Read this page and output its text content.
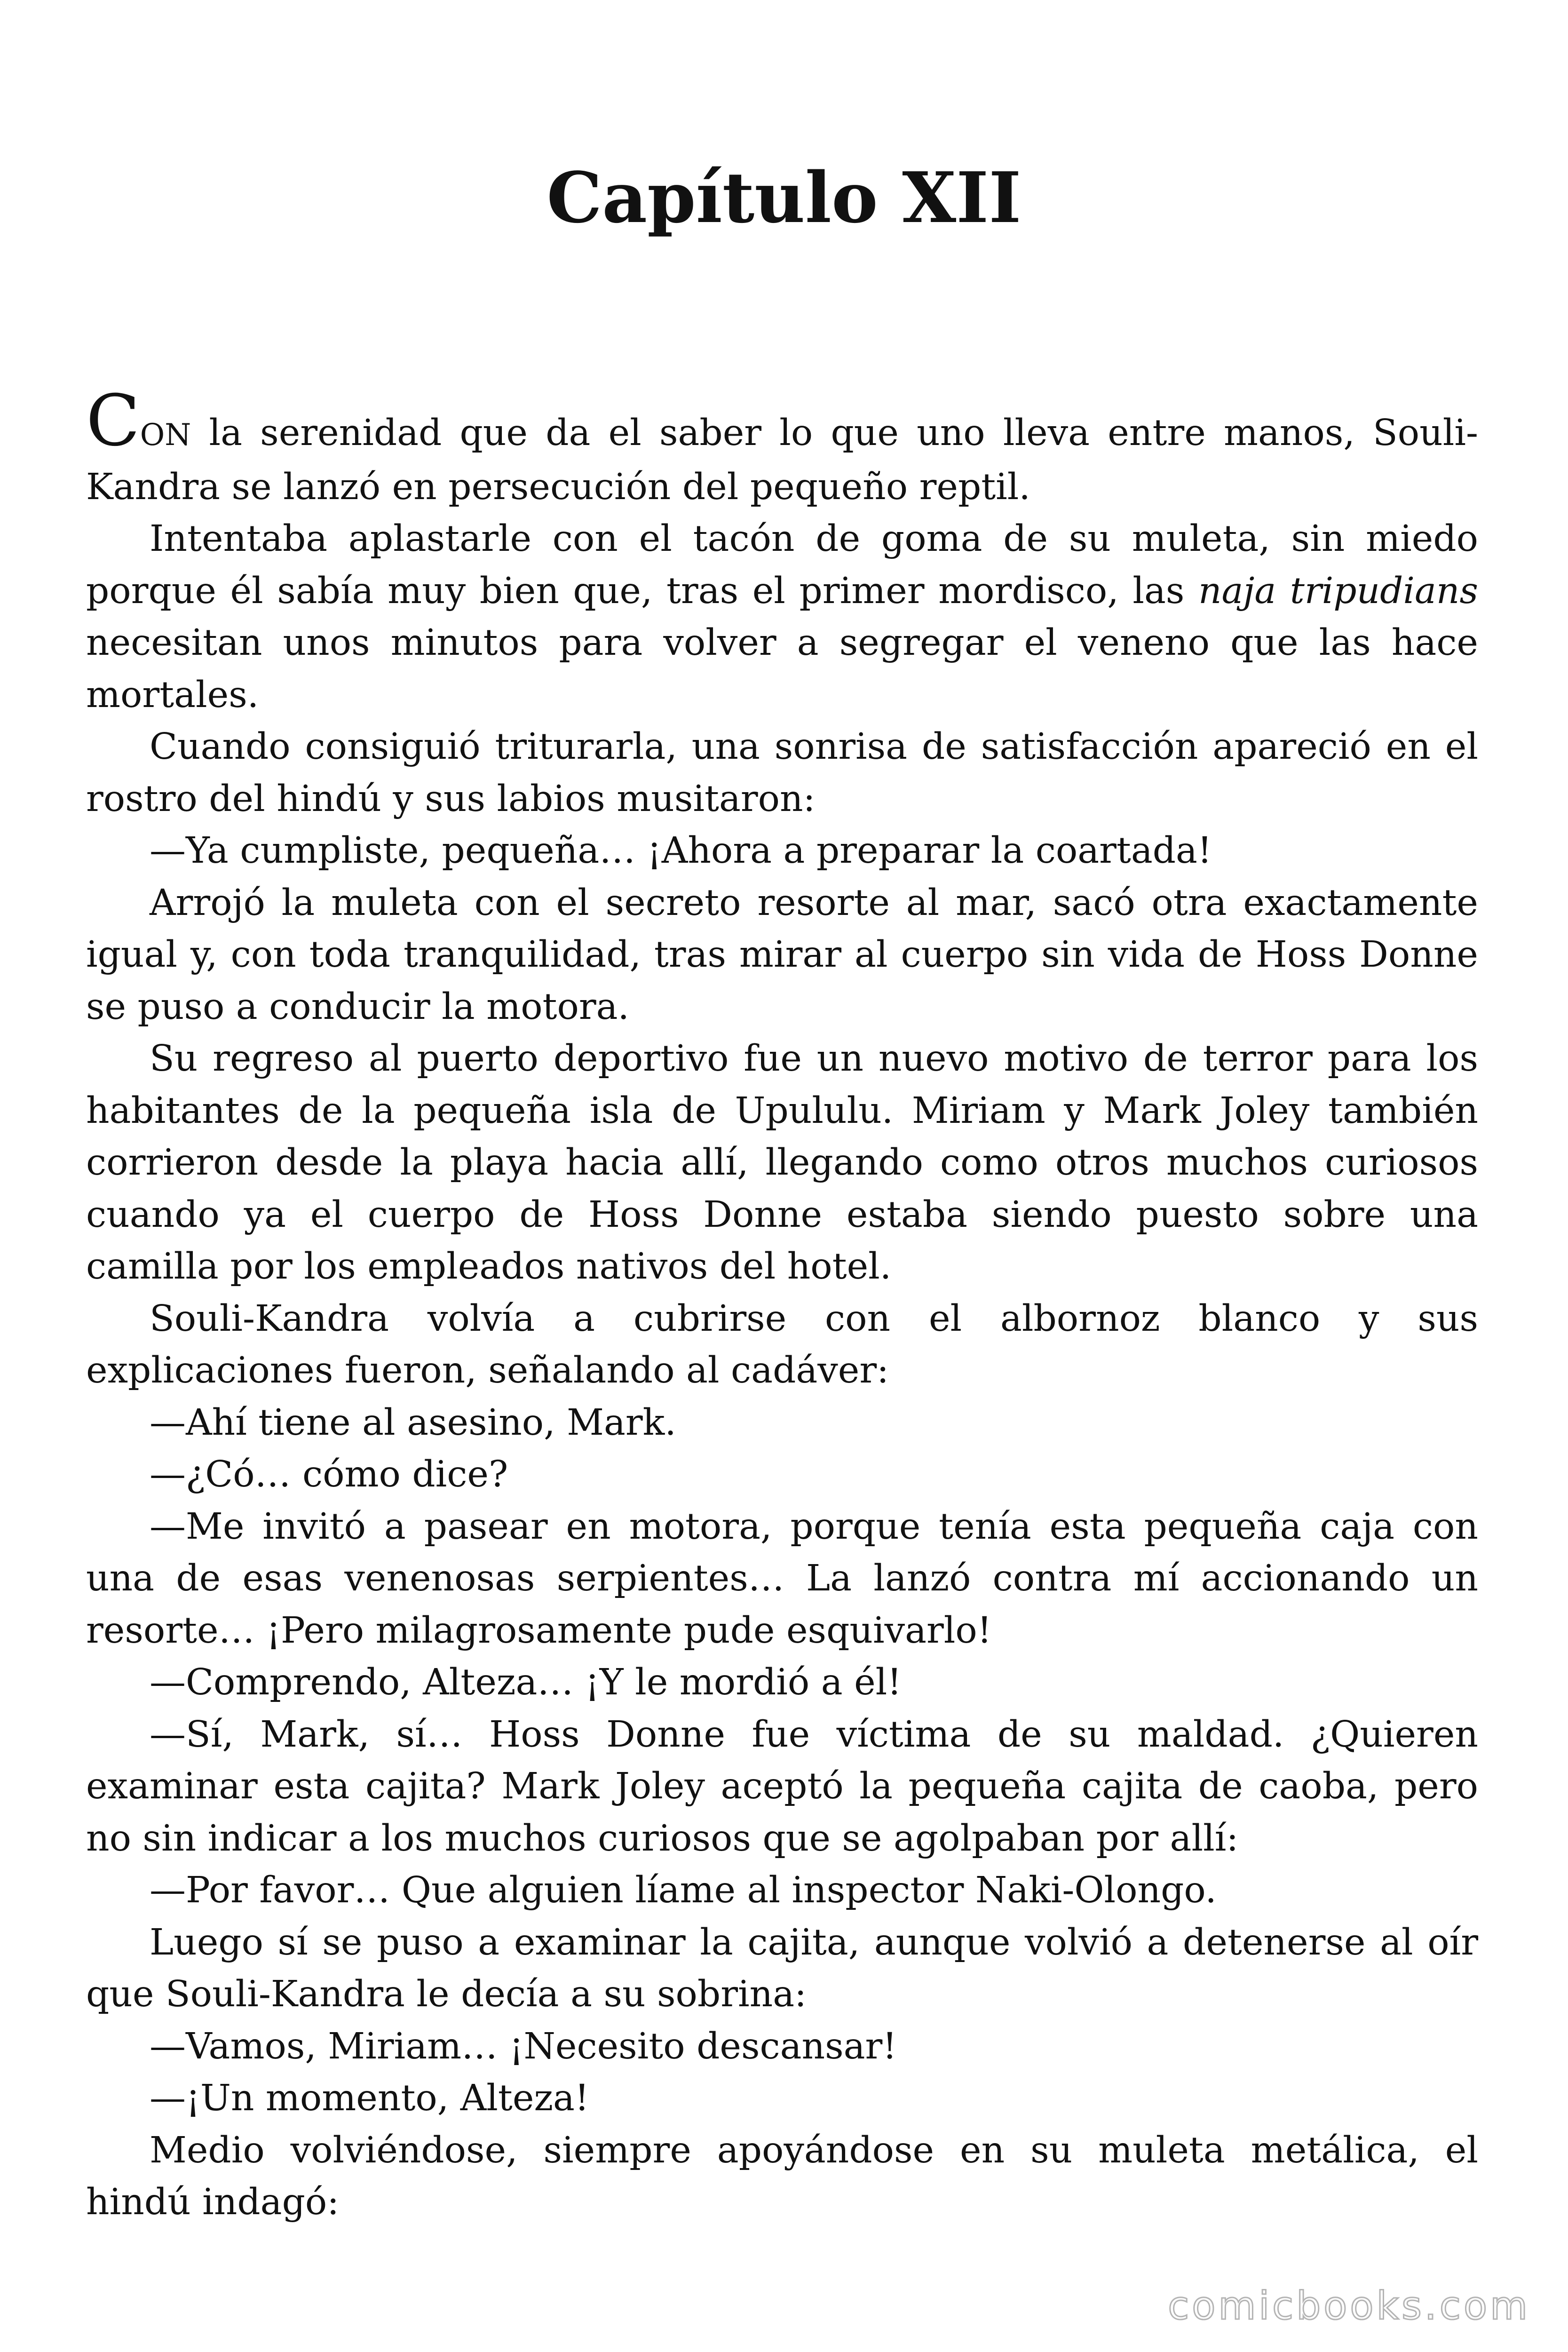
Capítulo XII

CON la serenidad que da el saber lo que uno lleva entre manos, Souli-Kandra se lanzó en persecución del pequeño reptil.

Intentaba aplastarle con el tacón de goma de su muleta, sin miedo porque él sabía muy bien que, tras el primer mordisco, las naja tripudians necesitan unos minutos para volver a segregar el veneno que las hace mortales.

Cuando consiguió triturarla, una sonrisa de satisfacción apareció en el rostro del hindú y sus labios musitaron:

—Ya cumpliste, pequeña… ¡Ahora a preparar la coartada!

Arrojó la muleta con el secreto resorte al mar, sacó otra exactamente igual y, con toda tranquilidad, tras mirar al cuerpo sin vida de Hoss Donne se puso a conducir la motora.

Su regreso al puerto deportivo fue un nuevo motivo de terror para los habitantes de la pequeña isla de Upululu. Miriam y Mark Joley también corrieron desde la playa hacia allí, llegando como otros muchos curiosos cuando ya el cuerpo de Hoss Donne estaba siendo puesto sobre una camilla por los empleados nativos del hotel.

Souli-Kandra volvía a cubrirse con el albornoz blanco y sus explicaciones fueron, señalando al cadáver:

—Ahí tiene al asesino, Mark.

—¿Có… cómo dice?

—Me invitó a pasear en motora, porque tenía esta pequeña caja con una de esas venenosas serpientes… La lanzó contra mí accionando un resorte… ¡Pero milagrosamente pude esquivarlo!

—Comprendo, Alteza… ¡Y le mordió a él!

—Sí, Mark, sí… Hoss Donne fue víctima de su maldad. ¿Quieren examinar esta cajita? Mark Joley aceptó la pequeña cajita de caoba, pero no sin indicar a los muchos curiosos que se agolpaban por allí:

—Por favor… Que alguien líame al inspector Naki-Olongo.

Luego sí se puso a examinar la cajita, aunque volvió a detenerse al oír que Souli-Kandra le decía a su sobrina:

—Vamos, Miriam… ¡Necesito descansar!

—¡Un momento, Alteza!

Medio volviéndose, siempre apoyándose en su muleta metálica, el hindú indagó:

comicbooks.com
